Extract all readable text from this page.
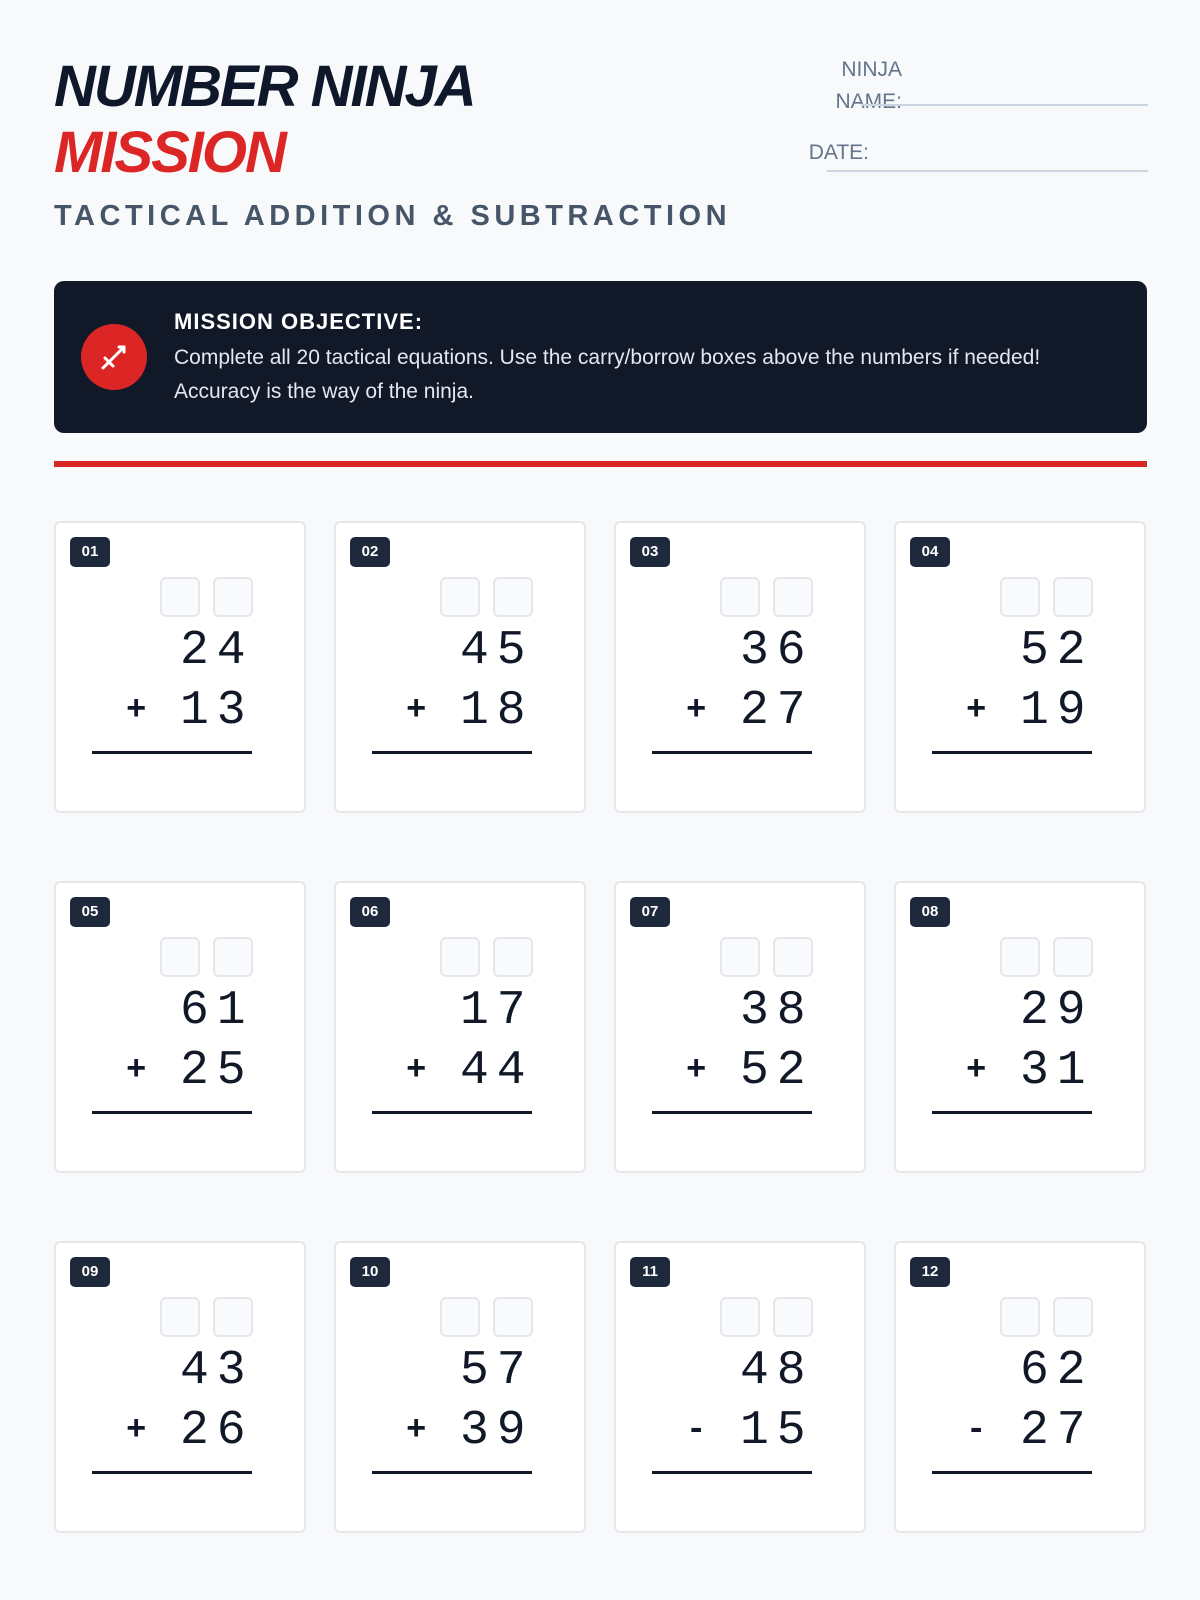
NUMBER NINJA
MISSION
TACTICAL ADDITION & SUBTRACTION
NINJA
NAME:
DATE:
MISSION OBJECTIVE:
Complete all 20 tactical equations. Use the carry/borrow boxes above the numbers if needed! Accuracy is the way of the ninja.
01
24
+ 13
02
45
+ 18
03
36
+ 27
04
52
+ 19
05
61
+ 25
06
17
+ 44
07
38
+ 52
08
29
+ 31
09
43
+ 26
10
57
+ 39
11
48
- 15
12
62
- 27
